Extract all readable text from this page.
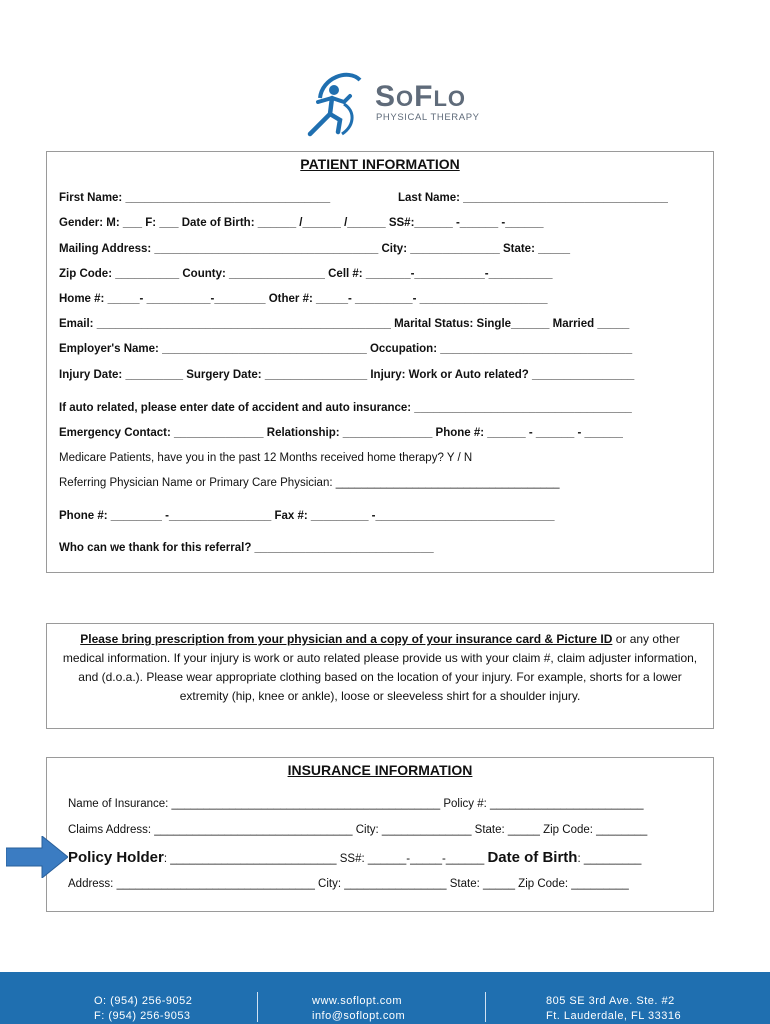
SOFLO
PHYSICAL THERAPY
PATIENT INFORMATION
First Name: ________________________________	Last Name: ________________________________
Gender: M: ___ F: ___ Date of Birth: ______ /______ /______ SS#:______ -______ -______
Mailing Address: ___________________________________ City: ______________ State: _____
Zip Code: __________ County: _______________ Cell #: _______-___________-__________
Home #: _____- __________-________ Other #: _____- _________- ____________________
Email: ______________________________________________ Marital Status: Single______ Married _____
Employer's Name: ________________________________ Occupation: ______________________________
Injury Date: _________ Surgery Date: ________________ Injury: Work or Auto related? ________________
If auto related, please enter date of accident and auto insurance: __________________________________
Emergency Contact: ______________ Relationship: ______________ Phone #: ______ - ______ - ______
Medicare Patients, have you in the past 12 Months received home therapy? Y / N
Referring Physician Name or Primary Care Physician: ___________________________________
Phone #: ________ -________________ Fax #: _________ -____________________________
Who can we thank for this referral? ____________________________
Please bring prescription from your physician and a copy of your insurance card & Picture ID or any other medical information. If your injury is work or auto related please provide us with your claim #, claim adjuster information, and (d.o.a.). Please wear appropriate clothing based on the location of your injury. For example, shorts for a lower extremity (hip, knee or ankle), loose or sleeveless shirt for a shoulder injury.
INSURANCE INFORMATION
Name of Insurance: __________________________________________ Policy #: ________________________
Claims Address: _______________________________ City: ______________ State: _____ Zip Code: ________
Policy Holder: __________________________ SS#: ______-_____-______ Date of Birth: _________
Address: _______________________________ City: ________________ State: _____ Zip Code: _________
O: (954) 256-9052
F: (954) 256-9053
www.soflopt.com
info@soflopt.com
805 SE 3rd Ave. Ste. #2
Ft. Lauderdale, FL 33316
